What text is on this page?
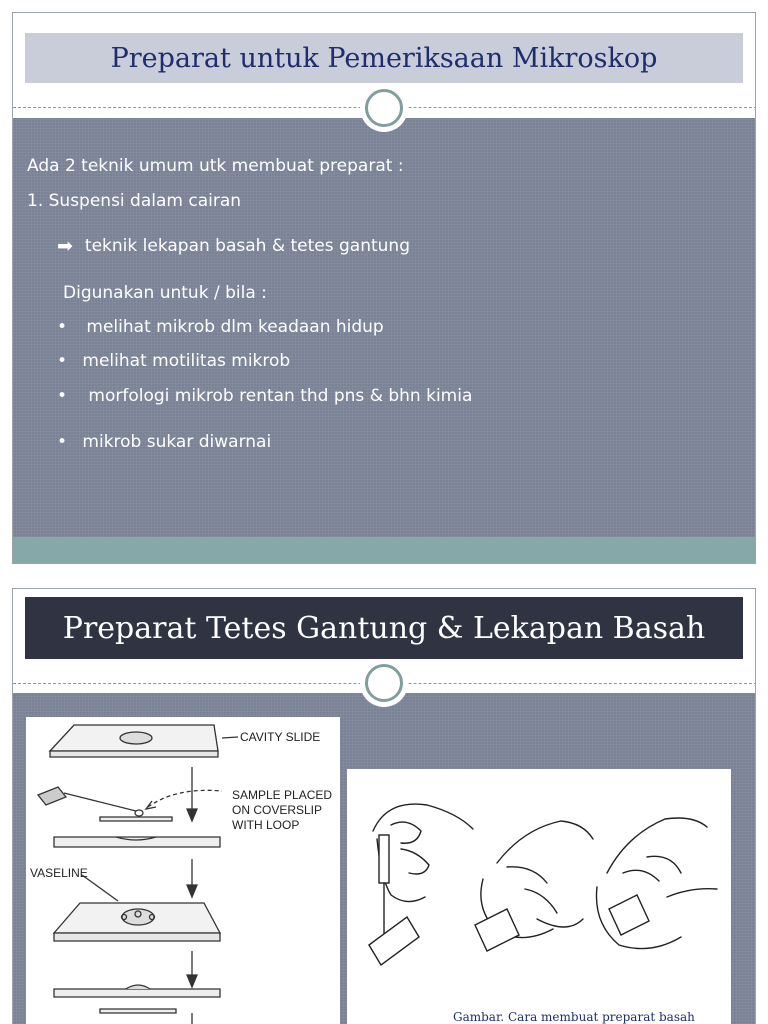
Preparat untuk Pemeriksaan Mikroskop
Ada 2 teknik umum utk membuat preparat :
1. Suspensi dalam cairan
➡ teknik lekapan basah & tetes gantung
Digunakan untuk / bila :
• melihat mikrob dlm keadaan hidup
• melihat motilitas mikrob
• morfologi mikrob rentan thd pns & bhn kimia
• mikrob sukar diwarnai
Preparat Tetes Gantung & Lekapan Basah
CAVITY SLIDE
SAMPLE PLACED
ON COVERSLIP
WITH LOOP
VASELINE
Gambar. Cara membuat preparat basah
